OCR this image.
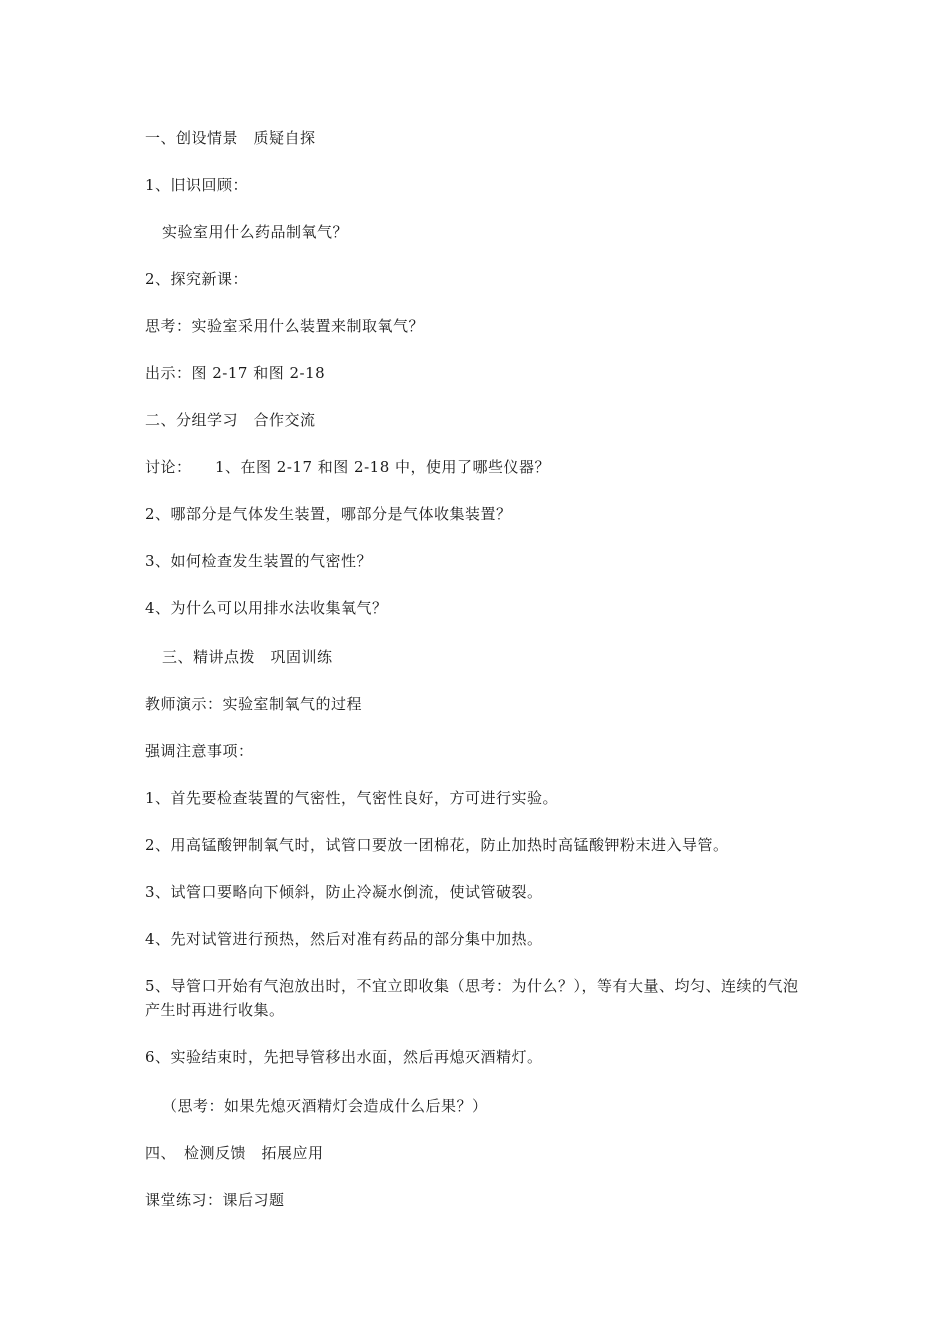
一、创设情景　质疑自探
1、旧识回顾：
实验室用什么药品制氧气？
2、探究新课：
思考：实验室采用什么装置来制取氧气？
出示：图 2-17 和图 2-18
二、分组学习　合作交流
讨论：　　1、在图 2-17 和图 2-18 中，使用了哪些仪器？
2、哪部分是气体发生装置，哪部分是气体收集装置？
3、如何检查发生装置的气密性？
4、为什么可以用排水法收集氧气？
三、精讲点拨　巩固训练
教师演示：实验室制氧气的过程
强调注意事项：
1、首先要检查装置的气密性，气密性良好，方可进行实验。
2、用高锰酸钾制氧气时，试管口要放一团棉花，防止加热时高锰酸钾粉末进入导管。
3、试管口要略向下倾斜，防止冷凝水倒流，使试管破裂。
4、先对试管进行预热，然后对准有药品的部分集中加热。
5、导管口开始有气泡放出时，不宜立即收集（思考：为什么？），等有大量、均匀、连续的气泡产生时再进行收集。
6、实验结束时，先把导管移出水面，然后再熄灭酒精灯。
（思考：如果先熄灭酒精灯会造成什么后果？）
四、　检测反馈　拓展应用
课堂练习：课后习题
